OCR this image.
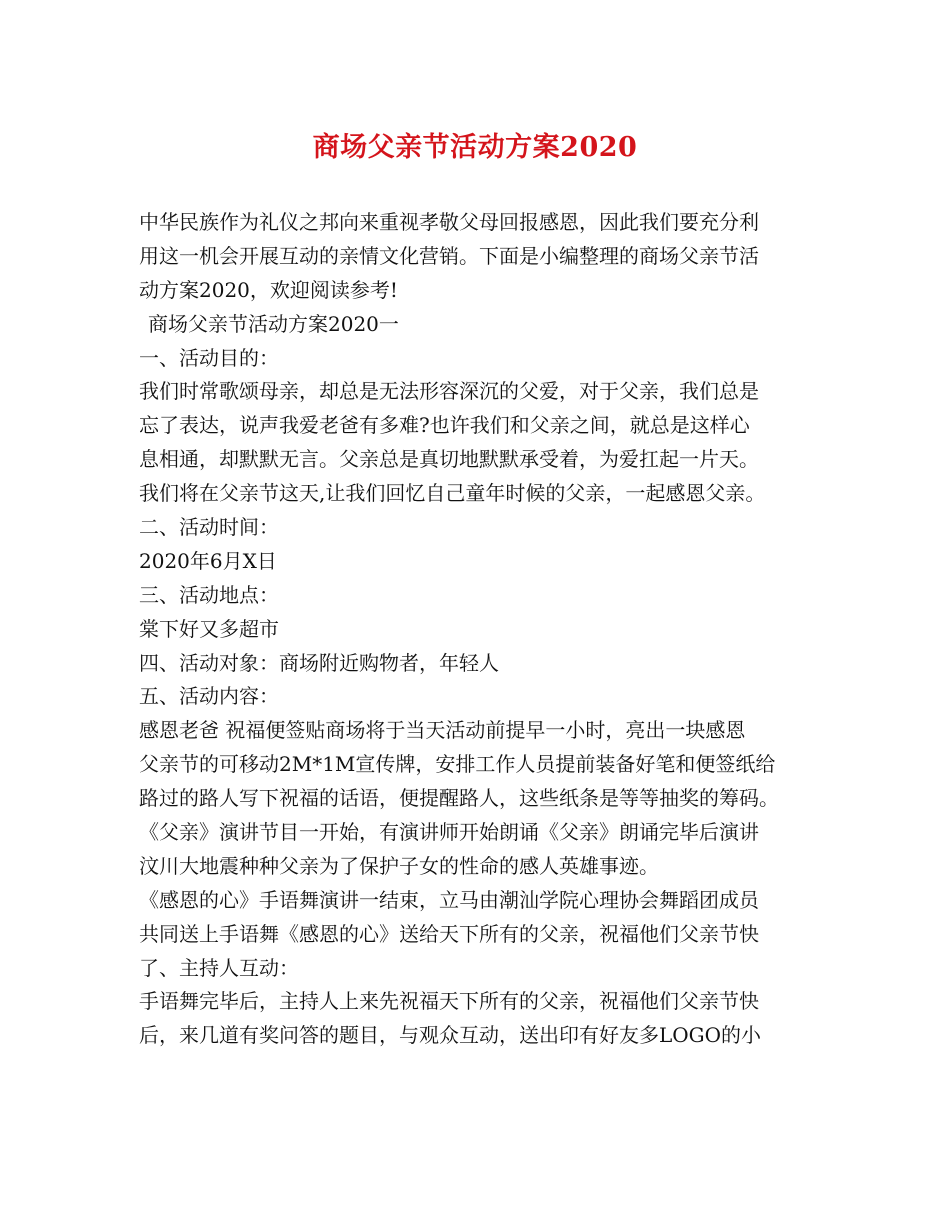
商场父亲节活动方案2020
中华民族作为礼仪之邦向来重视孝敬父母回报感恩，因此我们要充分利
用这一机会开展互动的亲情文化营销。下面是小编整理的商场父亲节活
动方案2020，欢迎阅读参考!
商场父亲节活动方案2020一
一、活动目的：
我们时常歌颂母亲，却总是无法形容深沉的父爱，对于父亲，我们总是
忘了表达，说声我爱老爸有多难?也许我们和父亲之间，就总是这样心
息相通，却默默无言。父亲总是真切地默默承受着，为爱扛起一片天。
我们将在父亲节这天,让我们回忆自己童年时候的父亲，一起感恩父亲。
二、活动时间：
2020年6月X日
三、活动地点：
棠下好又多超市
四、活动对象：商场附近购物者，年轻人
五、活动内容：
感恩老爸 祝福便签贴商场将于当天活动前提早一小时，亮出一块感恩
父亲节的可移动2M*1M宣传牌，安排工作人员提前装备好笔和便签纸给
路过的路人写下祝福的话语，便提醒路人，这些纸条是等等抽奖的筹码。
《父亲》演讲节目一开始，有演讲师开始朗诵《父亲》朗诵完毕后演讲
汶川大地震种种父亲为了保护子女的性命的感人英雄事迹。
《感恩的心》手语舞演讲一结束，立马由潮汕学院心理协会舞蹈团成员
共同送上手语舞《感恩的心》送给天下所有的父亲，祝福他们父亲节快
了、主持人互动：
手语舞完毕后，主持人上来先祝福天下所有的父亲，祝福他们父亲节快
后，来几道有奖问答的题目，与观众互动，送出印有好友多LOGO的小
